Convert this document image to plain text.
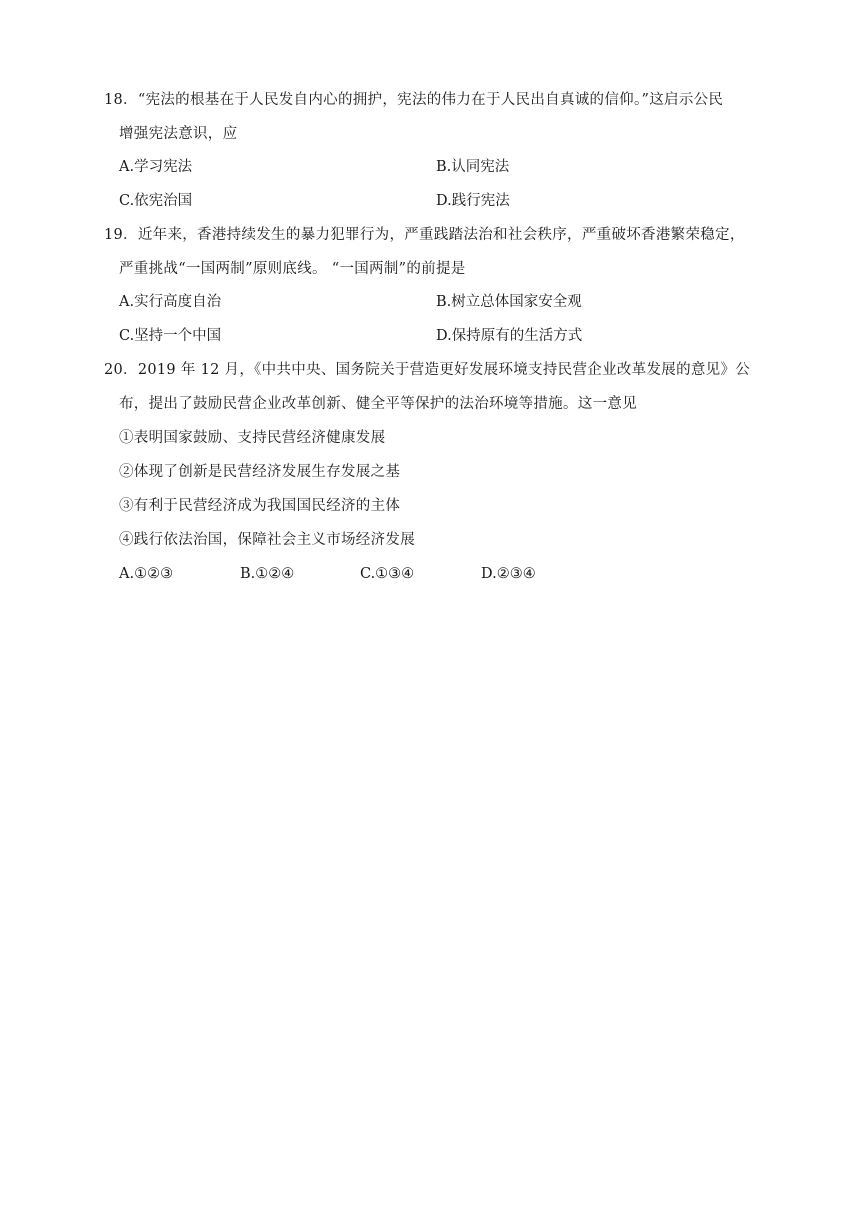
18．“宪法的根基在于人民发自内心的拥护，宪法的伟力在于人民出自真诚的信仰。”这启示公民
增强宪法意识，应
A.学习宪法	B.认同宪法
C.依宪治国	D.践行宪法
19．近年来，香港持续发生的暴力犯罪行为，严重践踏法治和社会秩序，严重破坏香港繁荣稳定，
严重挑战“一国两制”原则底线。 “一国两制”的前提是
A.实行高度自治	B.树立总体国家安全观
C.坚持一个中国	D.保持原有的生活方式
20．2019 年 12 月，《中共中央、国务院关于营造更好发展环境支持民营企业改革发展的意见》公
布，提出了鼓励民营企业改革创新、健全平等保护的法治环境等措施。这一意见
①表明国家鼓励、支持民营经济健康发展
②体现了创新是民营经济发展生存发展之基
③有利于民营经济成为我国国民经济的主体
④践行依法治国，保障社会主义市场经济发展
A.①②③	B.①②④	C.①③④	D.②③④
